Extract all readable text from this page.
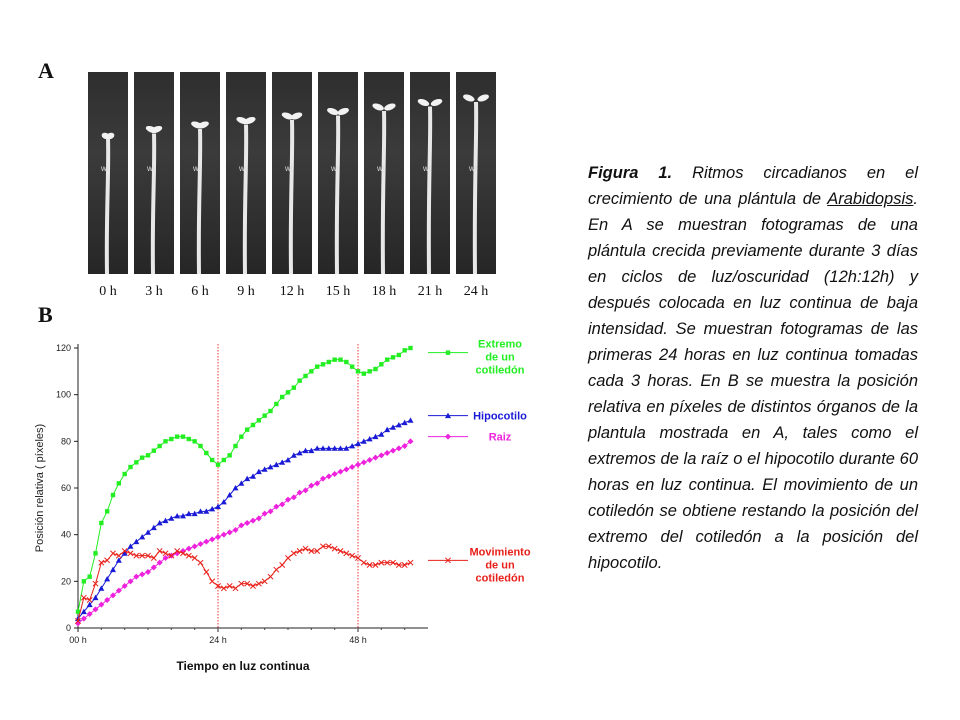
A
B
wt	wt	wt	wt	wt	wt	wt	wt	wt
0 h	3 h	6 h	9 h	12 h	15 h	18 h	21 h	24 h
0
20
40
60
80
100
120
00 h	24 h	48 h
Extremo
de un
cotiledón
Hipocotilo
Raiz
Movimiento
de un
cotiledón
Tiempo en luz continua
Posición relativa ( píxeles)
Figura 1. Ritmos circadianos en el crecimiento de una plántula de Arabidopsis. En A se muestran fotogramas de una plántula crecida previamente durante 3 días en ciclos de luz/oscuridad (12h:12h) y después colocada en luz continua de baja intensidad. Se muestran fotogramas de las primeras 24 horas en luz continua tomadas cada 3 horas. En B se muestra la posición relativa en píxeles de distintos órganos de la plantula mostrada en A, tales como el extremos de la raíz o el hipocotilo durante 60 horas en luz continua. El movimiento de un cotiledón se obtiene restando la posición del extremo del cotiledón a la posición del hipocotilo.
